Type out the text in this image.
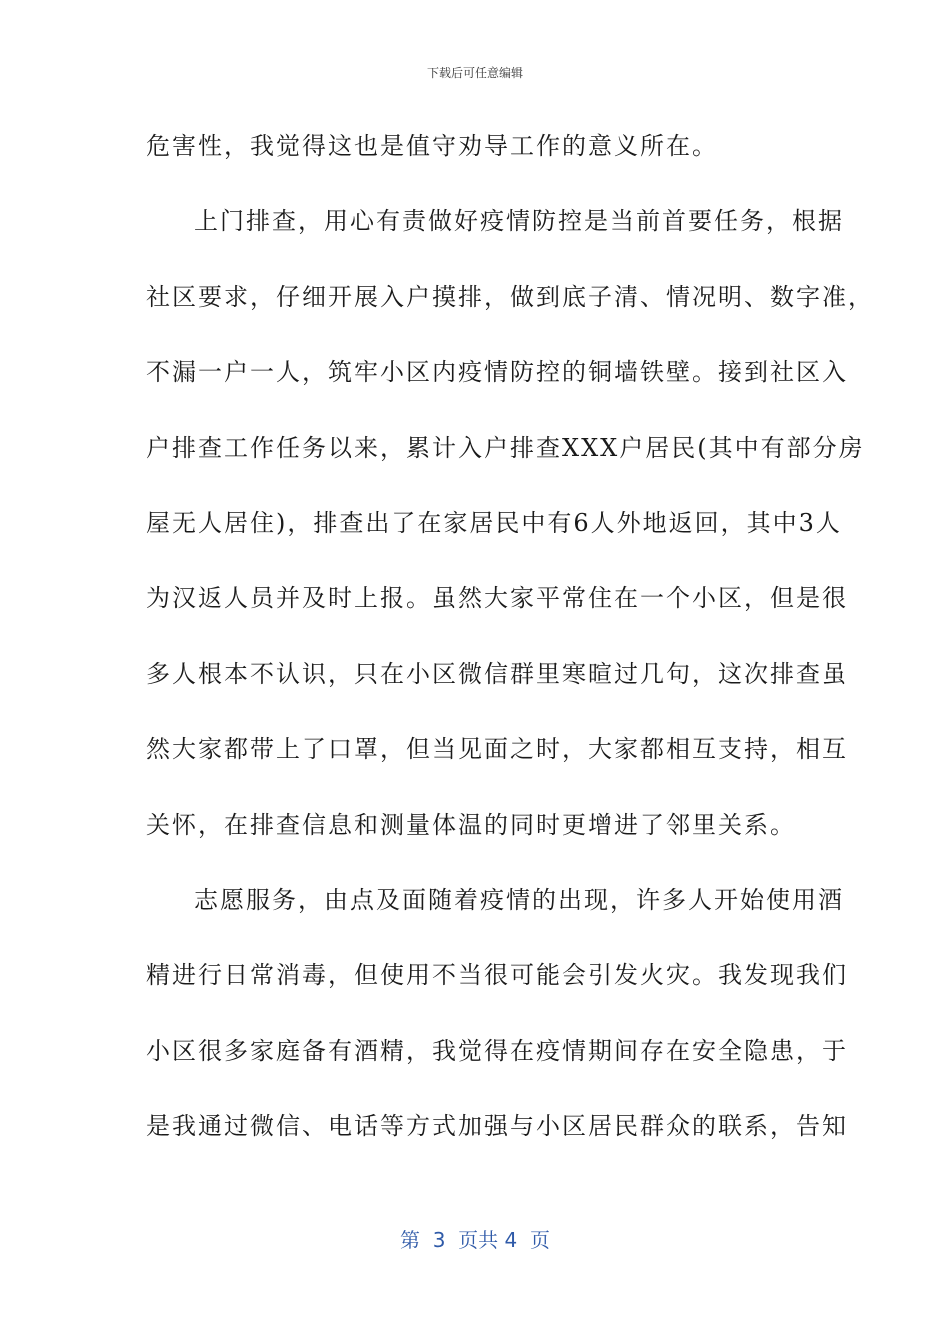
下载后可任意编辑
危害性，我觉得这也是值守劝导工作的意义所在。
上门排查，用心有责做好疫情防控是当前首要任务，根据
社区要求，仔细开展入户摸排，做到底子清、情况明、数字准，
不漏一户一人，筑牢小区内疫情防控的铜墙铁壁。接到社区入
户排查工作任务以来，累计入户排查XXX户居民(其中有部分房
屋无人居住)，排查出了在家居民中有6人外地返回，其中3人
为汉返人员并及时上报。虽然大家平常住在一个小区，但是很
多人根本不认识，只在小区微信群里寒暄过几句，这次排查虽
然大家都带上了口罩，但当见面之时，大家都相互支持，相互
关怀，在排查信息和测量体温的同时更增进了邻里关系。
志愿服务，由点及面随着疫情的出现，许多人开始使用酒
精进行日常消毒，但使用不当很可能会引发火灾。我发现我们
小区很多家庭备有酒精，我觉得在疫情期间存在安全隐患，于
是我通过微信、电话等方式加强与小区居民群众的联系，告知
第  3  页共 4  页
